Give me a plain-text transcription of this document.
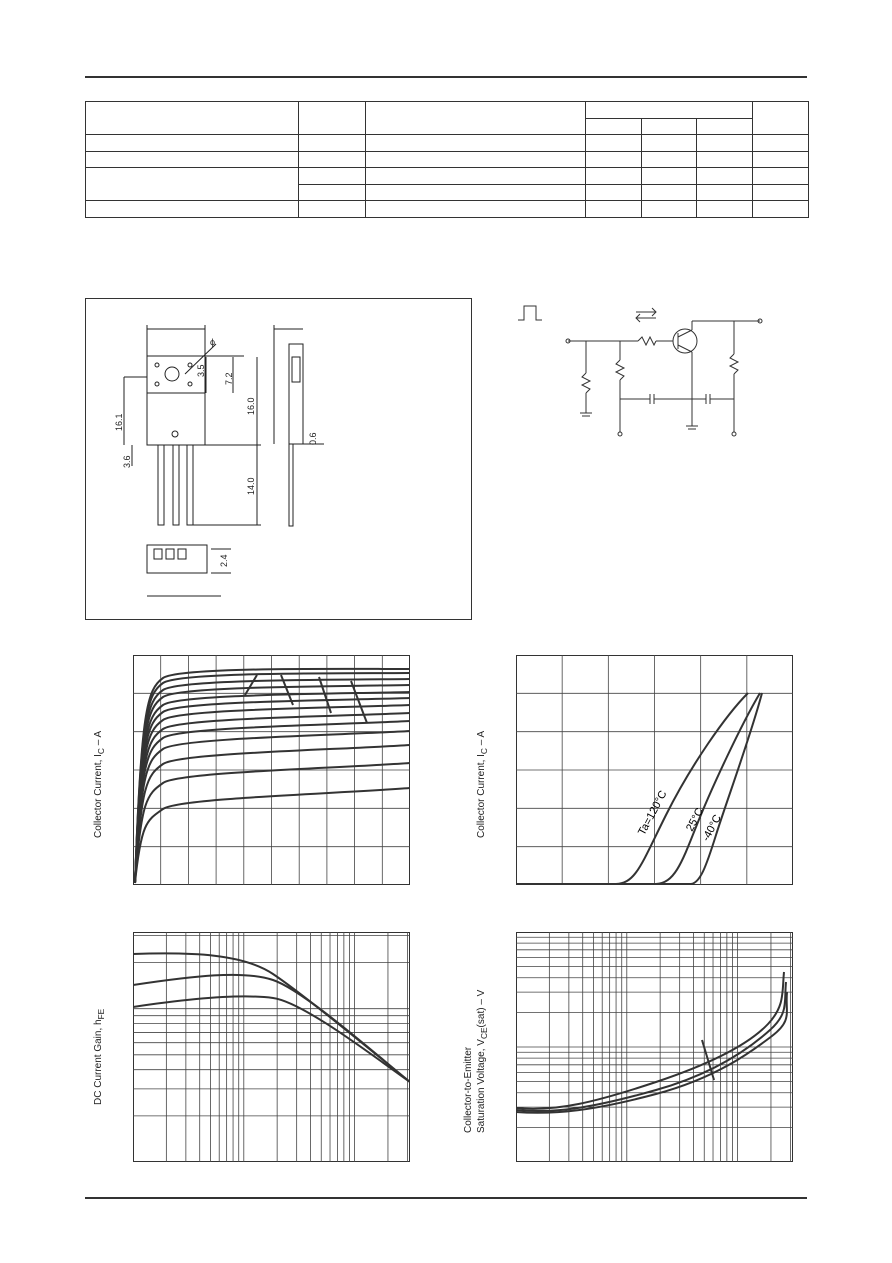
3.5
7.2
16.0
16.1
3.6
14.0
0.6
2.4
ϕ
Collector Current, $I_C$ – A
Ta=120°C 25°C
-40°C
Collector Current, $I_C$ – A
DC Current Gain, $h_{FE}$
Collector-to-Emitter Saturation Voltage, $V_{CE}(sat)$ – V
